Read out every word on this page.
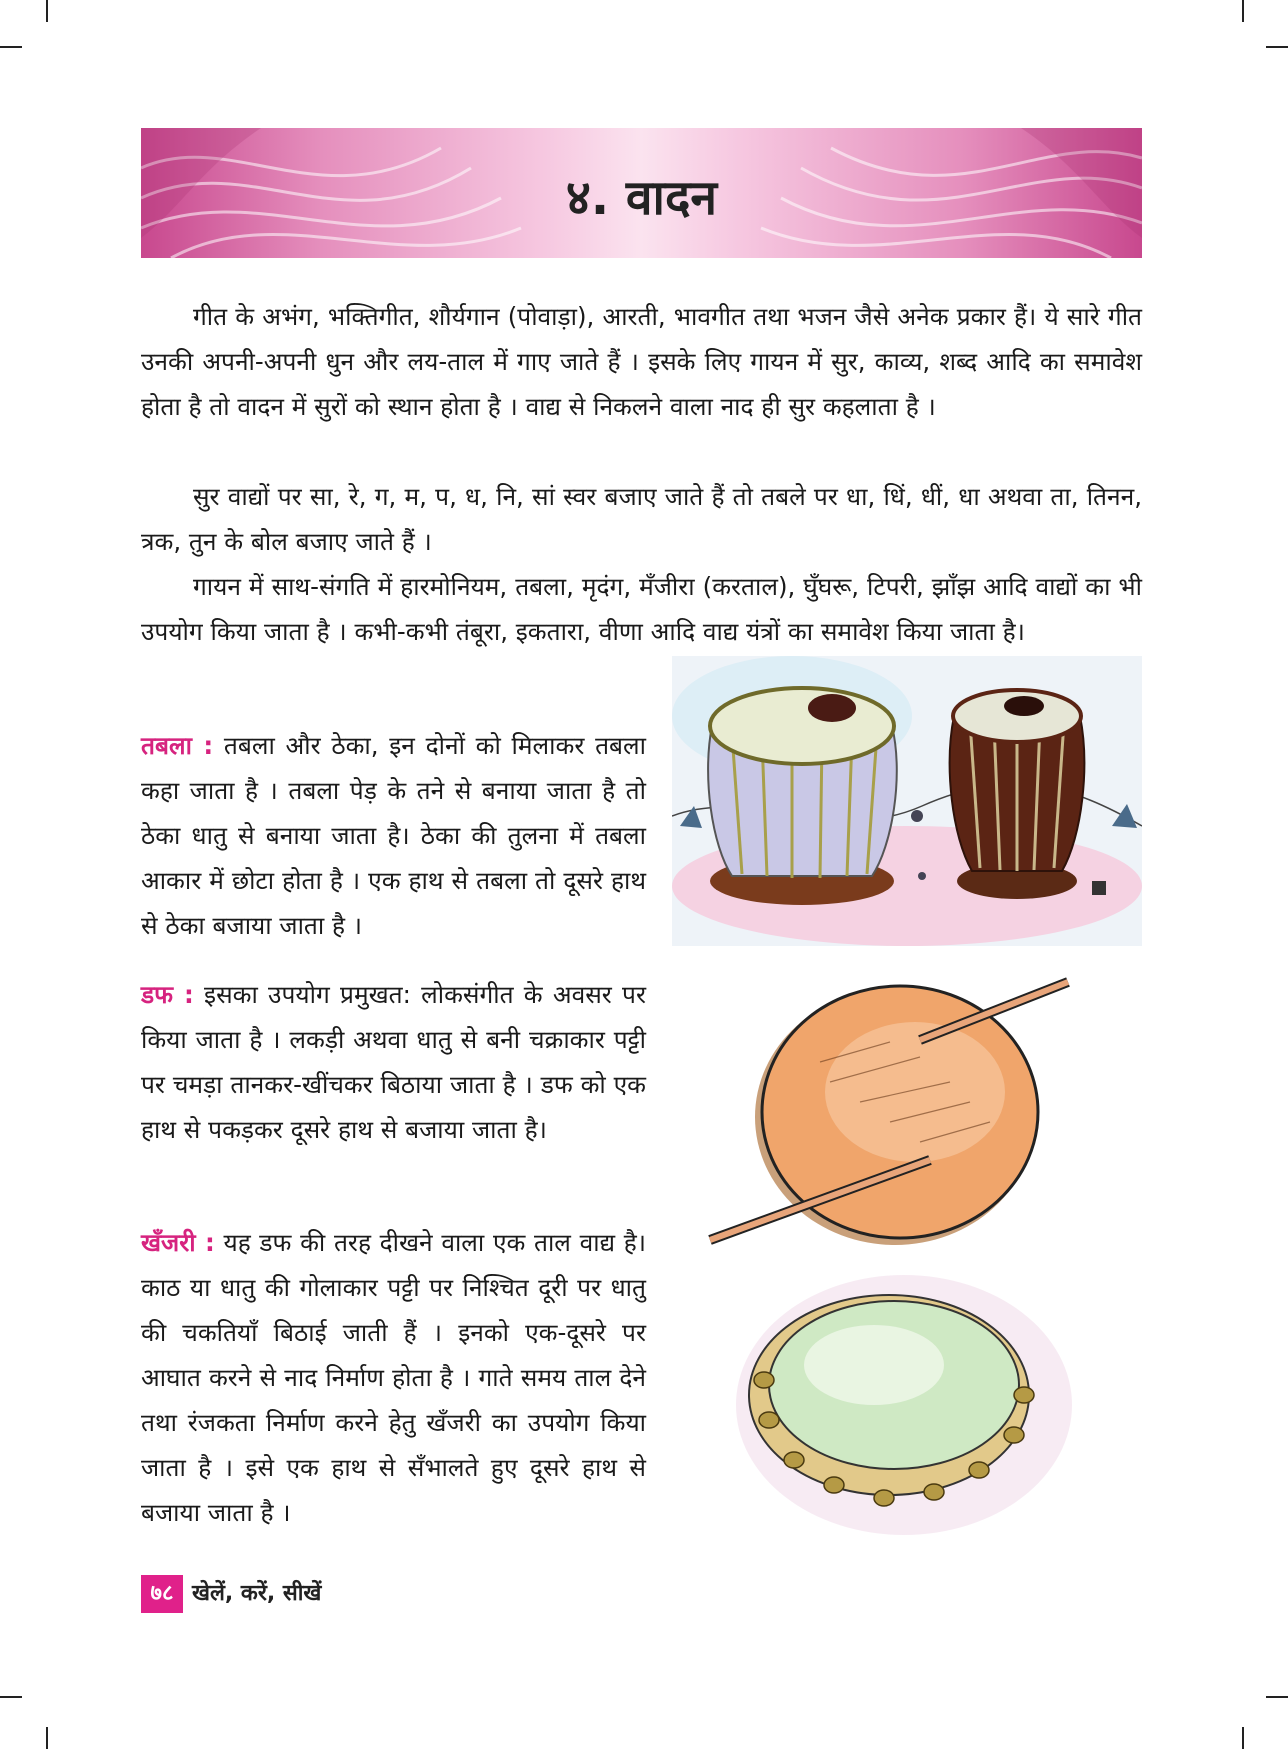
४. वादन

गीत के अभंग, भक्तिगीत, शौर्यगान (पोवाड़ा), आरती, भावगीत तथा भजन जैसे अनेक प्रकार हैं। ये सारे गीत उनकी अपनी-अपनी धुन और लय-ताल में गाए जाते हैं । इसके लिए गायन में सुर, काव्य, शब्द आदि का समावेश होता है तो वादन में सुरों को स्थान होता है । वाद्य से निकलने वाला नाद ही सुर कहलाता है ।

सुर वाद्यों पर सा, रे, ग, म, प, ध, नि, सां स्वर बजाए जाते हैं तो तबले पर धा, धिं, धीं, धा अथवा ता, तिनन, त्रक, तुन के बोल बजाए जाते हैं ।

गायन में साथ-संगति में हारमोनियम, तबला, मृदंग, मँजीरा (करताल), घुँघरू, टिपरी, झाँझ आदि वाद्यों का भी उपयोग किया जाता है । कभी-कभी तंबूरा, इकतारा, वीणा आदि वाद्य यंत्रों का समावेश किया जाता है।

तबला : तबला और ठेका, इन दोनों को मिलाकर तबला कहा जाता है । तबला पेड़ के तने से बनाया जाता है तो ठेका धातु से बनाया जाता है। ठेका की तुलना में तबला आकार में छोटा होता है । एक हाथ से तबला तो दूसरे हाथ से ठेका बजाया जाता है ।

डफ : इसका उपयोग प्रमुखत: लोकसंगीत के अवसर पर किया जाता है । लकड़ी अथवा धातु से बनी चक्राकार पट्टी पर चमड़ा तानकर-खींचकर बिठाया जाता है । डफ को एक हाथ से पकड़कर दूसरे हाथ से बजाया जाता है।

खँजरी : यह डफ की तरह दीखने वाला एक ताल वाद्य है। काठ या धातु की गोलाकार पट्टी पर निश्चित दूरी पर धातु की चकतियाँ बिठाई जाती हैं । इनको एक-दूसरे पर आघात करने से नाद निर्माण होता है । गाते समय ताल देने तथा रंजकता निर्माण करने हेतु खँजरी का उपयोग किया जाता है । इसे एक हाथ से सँभालते हुए दूसरे हाथ से बजाया जाता है ।

७८ खेलें, करें, सीखें
